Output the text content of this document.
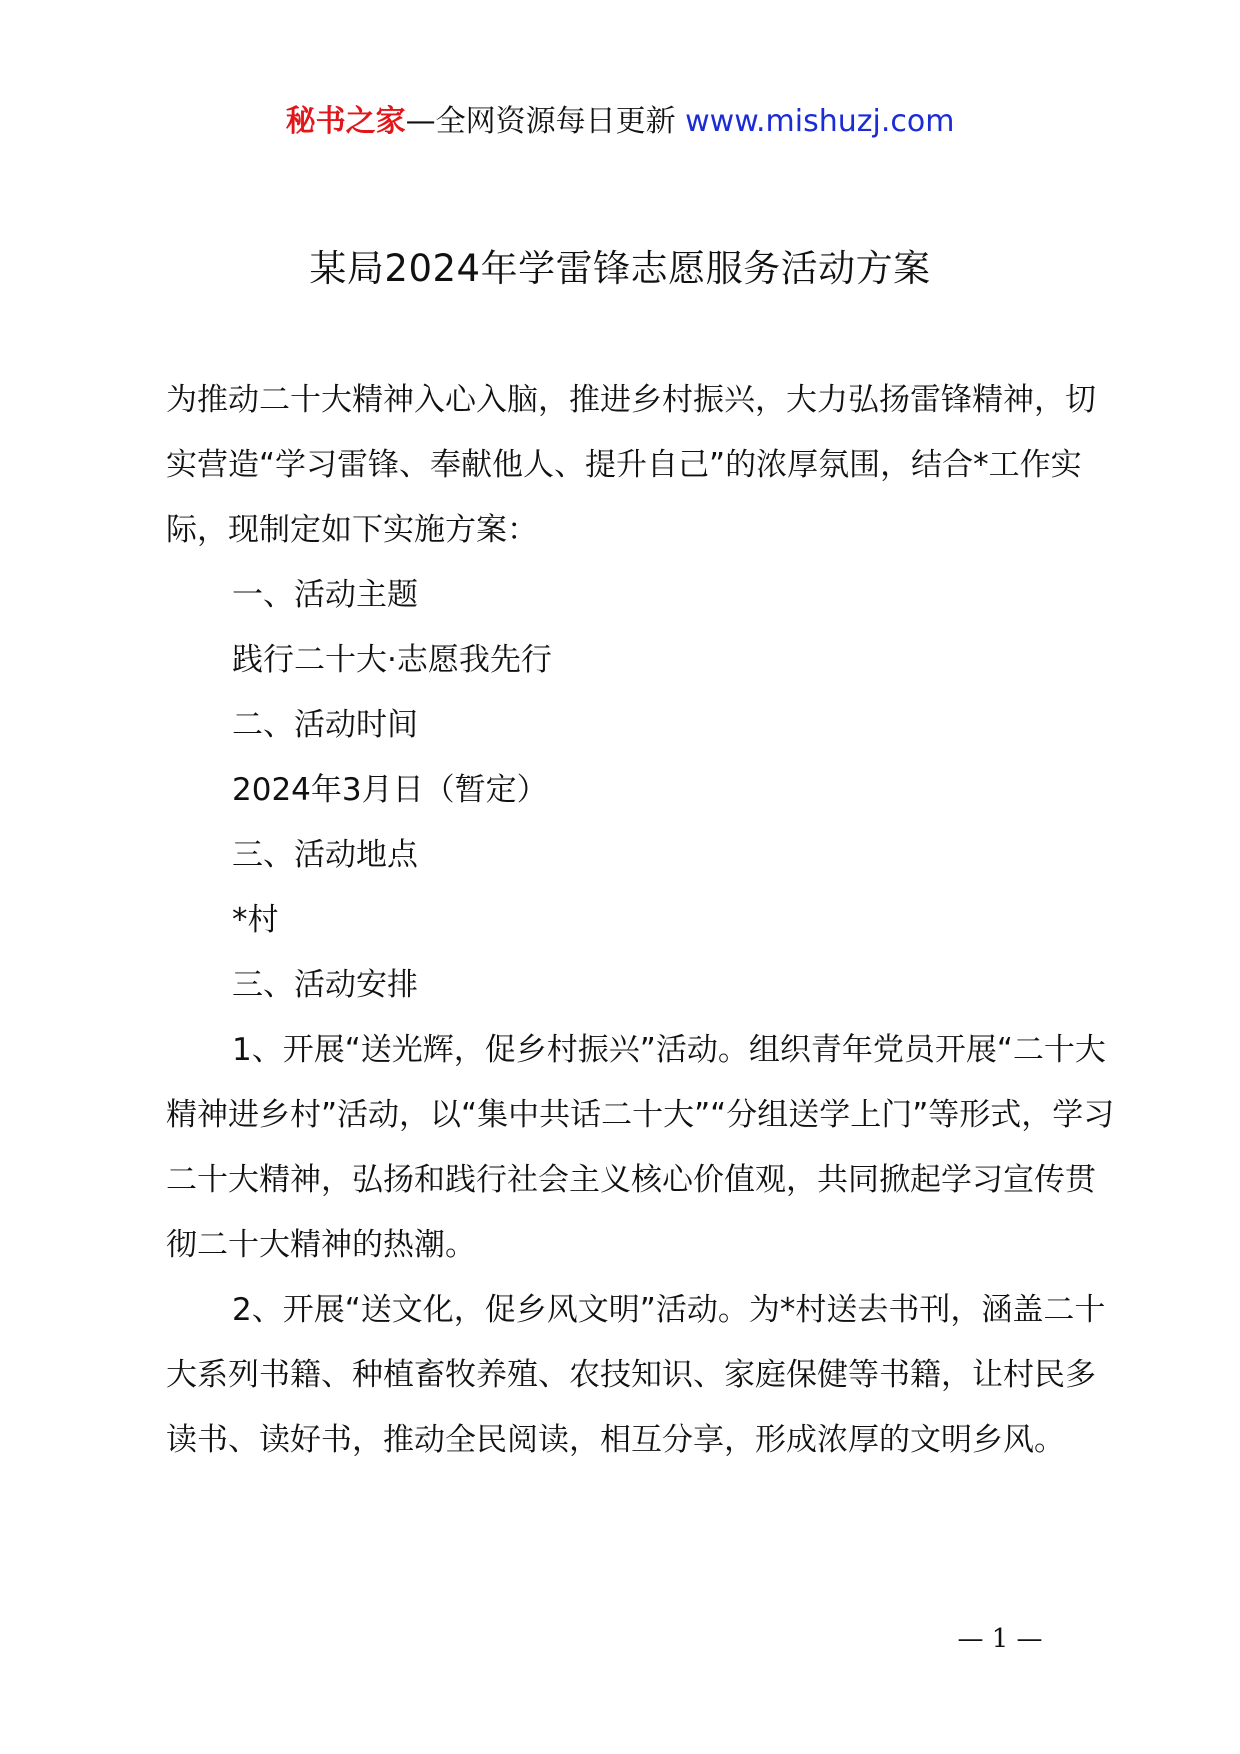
秘书之家—全网资源每日更新 www.mishuzj.com
某局2024年学雷锋志愿服务活动方案

为推动二十大精神入心入脑，推进乡村振兴，大力弘扬雷锋精神，切实营造“学习雷锋、奉献他人、提升自己”的浓厚氛围，结合*工作实际，现制定如下实施方案：

一、活动主题

践行二十大·志愿我先行

二、活动时间

2024年3月日（暂定）

三、活动地点

*村

三、活动安排

1、开展“送光辉，促乡村振兴”活动。组织青年党员开展“二十大精神进乡村”活动，以“集中共话二十大”“分组送学上门”等形式，学习二十大精神，弘扬和践行社会主义核心价值观，共同掀起学习宣传贯彻二十大精神的热潮。

2、开展“送文化，促乡风文明”活动。为*村送去书刊，涵盖二十大系列书籍、种植畜牧养殖、农技知识、家庭保健等书籍，让村民多读书、读好书，推动全民阅读，相互分享，形成浓厚的文明乡风。

— 1 —
